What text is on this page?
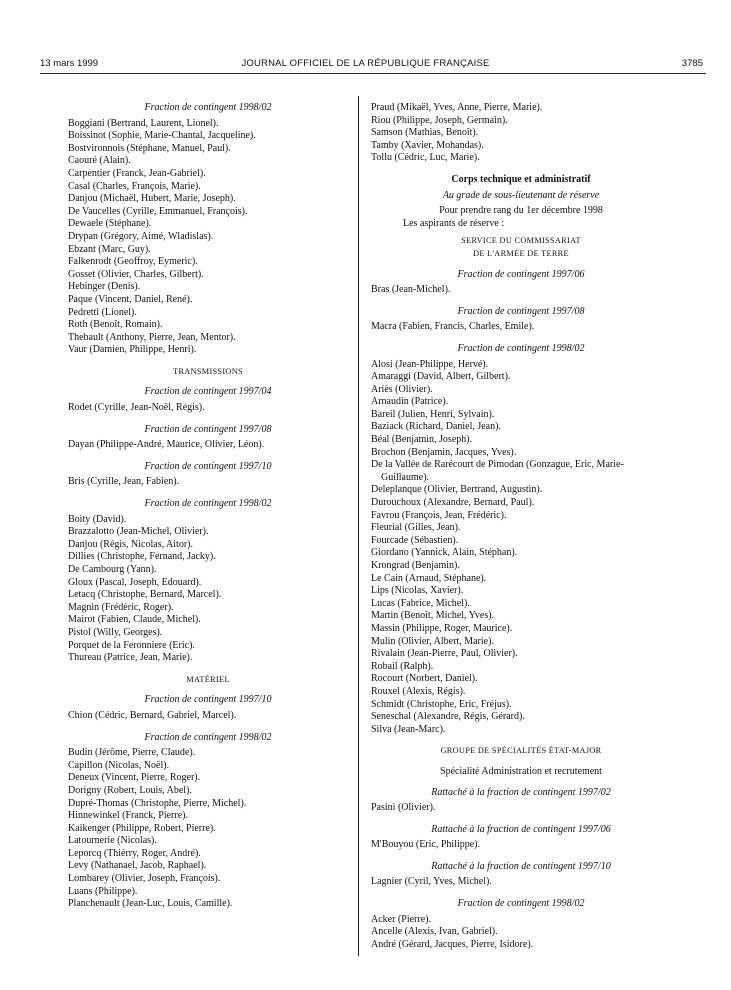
13 mars 1999	JOURNAL OFFICIEL DE LA RÉPUBLIQUE FRANÇAISE	3785

Fraction de contingent 1998/02

Boggiani (Bertrand, Laurent, Lionel).

Boissinot (Sophie, Marie-Chantal, Jacqueline).

Bostvironnois (Stéphane, Manuel, Paul).

Caouré (Alain).

Carpentier (Franck, Jean-Gabriel).

Casal (Charles, François, Marie).

Danjou (Michaël, Hubert, Marie, Joseph).

De Vaucelles (Cyrille, Emmanuel, François).

Dewaele (Stéphane).

Drypan (Grégory, Aimé, Wladislas).

Ebzant (Marc, Guy).

Falkenrodt (Geoffroy, Eymeric).

Gosset (Olivier, Charles, Gilbert).

Hebinger (Denis).

Paque (Vincent, Daniel, René).

Pedretti (Lionel).

Roth (Benoît, Romain).

Thebault (Anthony, Pierre, Jean, Mentor).

Vaur (Damien, Philippe, Henri).

TRANSMISSIONS

Fraction de contingent 1997/04

Rodet (Cyrille, Jean-Noël, Régis).

Fraction de contingent 1997/08

Dayan (Philippe-André, Maurice, Olivier, Léon).

Fraction de contingent 1997/10

Bris (Cyrille, Jean, Fabien).

Fraction de contingent 1998/02

Boity (David).

Brazzalotto (Jean-Michel, Olivier).

Danjou (Régis, Nicolas, Aitor).

Dillies (Christophe, Fernand, Jacky).

De Cambourg (Yann).

Gloux (Pascal, Joseph, Edouard).

Letacq (Christophe, Bernard, Marcel).

Magnin (Frédéric, Roger).

Mairot (Fabien, Claude, Michel).

Pistol (Willy, Georges).

Porquet de la Feronniere (Eric).

Thureau (Patrice, Jean, Marie).

MATÉRIEL

Fraction de contingent 1997/10

Chion (Cédric, Bernard, Gabriel, Marcel).

Fraction de contingent 1998/02

Budin (Jérôme, Pierre, Claude).

Capillon (Nicolas, Noël).

Deneux (Vincent, Pierre, Roger).

Dorigny (Robert, Louis, Abel).

Dupré-Thomas (Christophe, Pierre, Michel).

Hinnewinkel (Franck, Pierre).

Kaikenger (Philippe, Robert, Pierre).

Latournerie (Nicolas).

Leporcq (Thiérry, Roger, André).

Levy (Nathanael, Jacob, Raphael).

Lombarey (Olivier, Joseph, François).

Luans (Philippe).

Planchenault (Jean-Luc, Louis, Camille).

Praud (Mikaël, Yves, Anne, Pierre, Marie).

Riou (Philippe, Joseph, Germain).

Samson (Mathias, Benoît).

Tamby (Xavier, Mohandas).

Tollu (Cédric, Luc, Marie).

Corps technique et administratif

Au grade de sous-lieutenant de réserve

Pour prendre rang du 1er décembre 1998

Les aspirants de réserve :

SERVICE DU COMMISSARIAT

DE L'ARMÉE DE TERRE

Fraction de contingent 1997/06

Bras (Jean-Michel).

Fraction de contingent 1997/08

Macra (Fabien, Francis, Charles, Emile).

Fraction de contingent 1998/02

Alosi (Jean-Philippe, Hervé).

Amaraggi (David, Albert, Gilbert).

Ariès (Olivier).

Arnaudin (Patrice).

Bareil (Julien, Henri, Sylvain).

Baziack (Richard, Daniel, Jean).

Béal (Benjamin, Joseph).

Brochon (Benjamin, Jacques, Yves).

De la Vallée de Rarécourt de Pimodan (Gonzague, Eric, Marie-Guillaume).

Deleplanque (Olivier, Bertrand, Augustin).

Durouchoux (Alexandre, Bernard, Paul).

Favrou (François, Jean, Frédéric).

Fleurial (Gilles, Jean).

Fourcade (Sébastien).

Giordano (Yannick, Alain, Stéphan).

Krongrad (Benjamin).

Le Cain (Arnaud, Stéphane).

Lips (Nicolas, Xavier).

Lucas (Fabrice, Michel).

Martin (Benoît, Michel, Yves).

Massin (Philippe, Roger, Maurice).

Mulin (Olivier, Albert, Marie).

Rivalain (Jean-Pierre, Paul, Olivier).

Robail (Ralph).

Rocourt (Norbert, Daniel).

Rouxel (Alexis, Régis).

Schmidt (Christophe, Eric, Fréjus).

Seneschal (Alexandre, Régis, Gérard).

Silva (Jean-Marc).

GROUPE DE SPÉCIALITÉS ÉTAT-MAJOR

Spécialité Administration et recrutement

Rattaché à la fraction de contingent 1997/02

Pasini (Olivier).

Rattaché à la fraction de contingent 1997/06

M'Bouyou (Eric, Philippe).

Rattaché à la fraction de contingent 1997/10

Lagnier (Cyril, Yves, Michel).

Fraction de contingent 1998/02

Acker (Pierre).

Ancelle (Alexis, Ivan, Gabriel).

André (Gérard, Jacques, Pierre, Isidore).
